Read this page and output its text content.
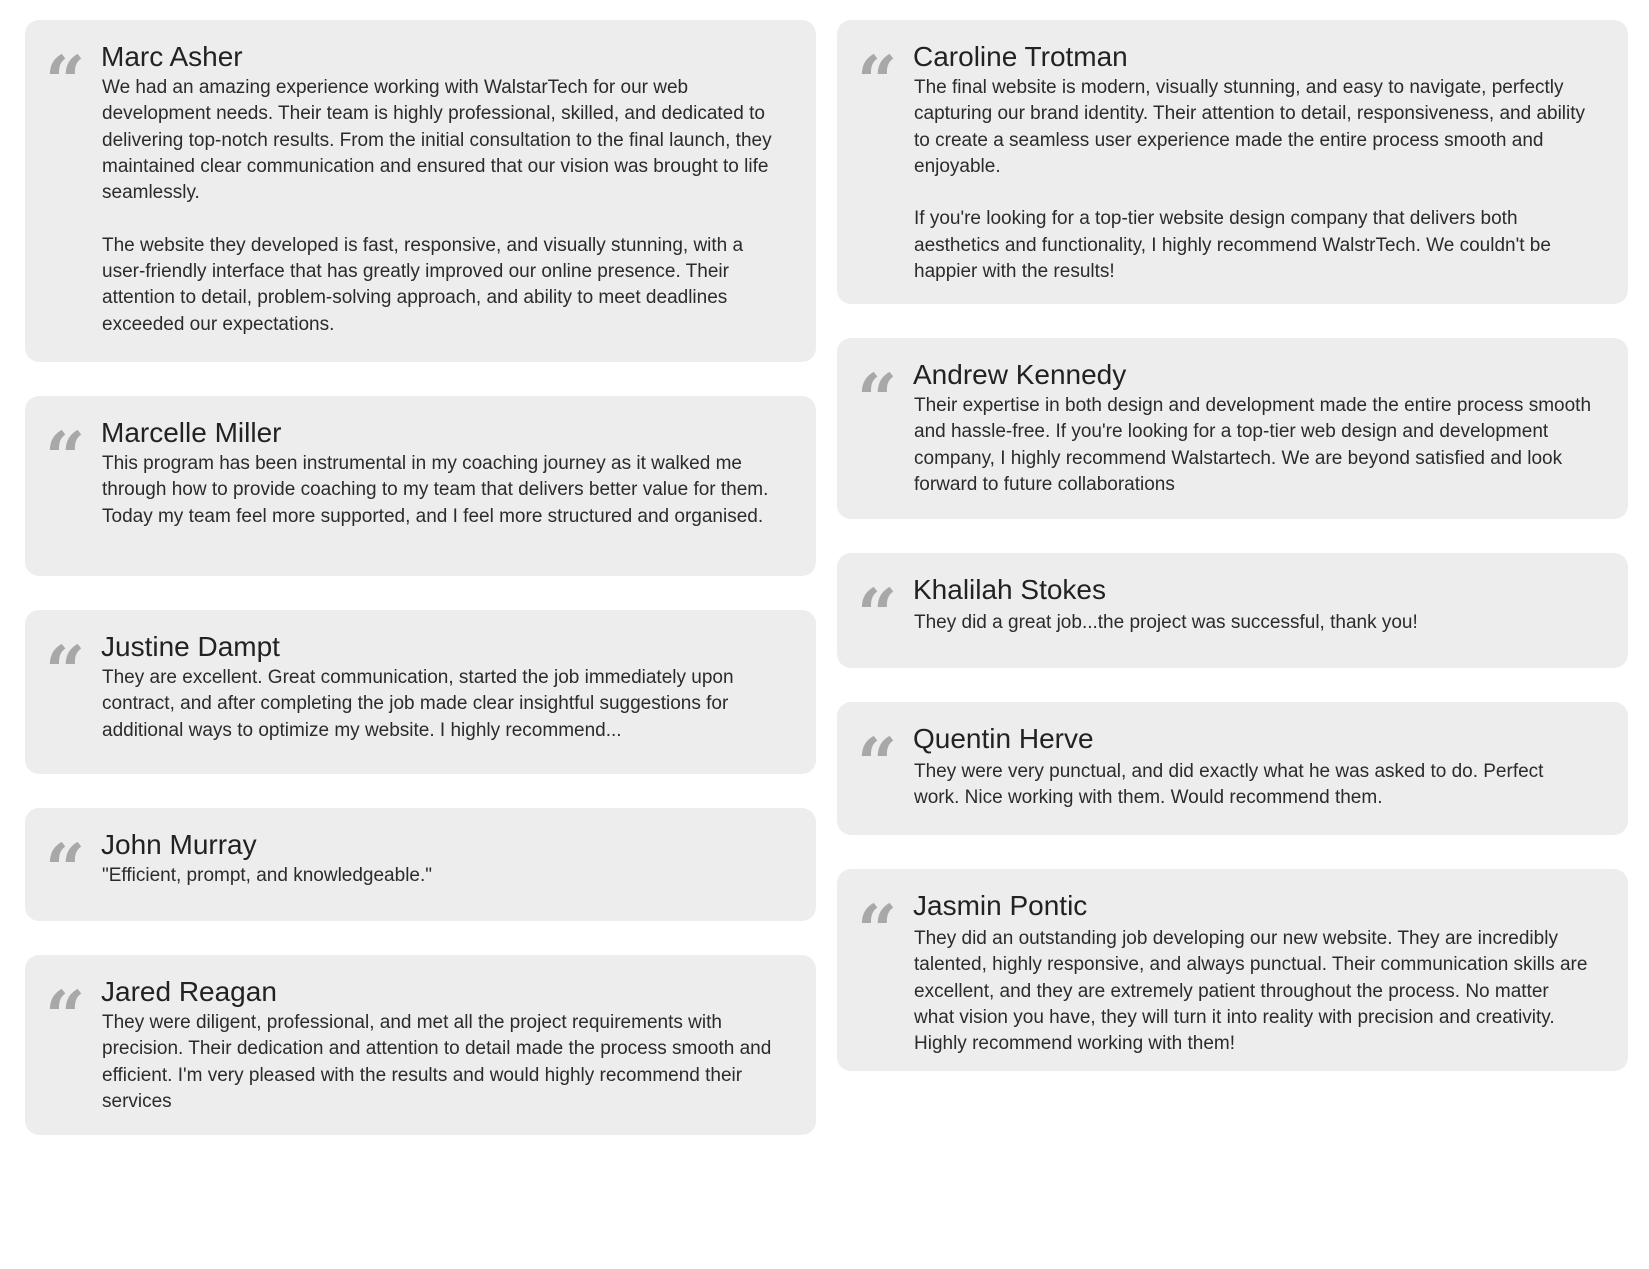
“ Marc Asher

We had an amazing experience working with WalstarTech for our web development needs. Their team is highly professional, skilled, and dedicated to delivering top-notch results. From the initial consultation to the final launch, they maintained clear communication and ensured that our vision was brought to life seamlessly.

The website they developed is fast, responsive, and visually stunning, with a user-friendly interface that has greatly improved our online presence. Their attention to detail, problem-solving approach, and ability to meet deadlines exceeded our expectations.

“ Marcelle Miller

This program has been instrumental in my coaching journey as it walked me through how to provide coaching to my team that delivers better value for them. Today my team feel more supported, and I feel more structured and organised.

“ Justine Dampt

They are excellent. Great communication, started the job immediately upon contract, and after completing the job made clear insightful suggestions for additional ways to optimize my website. I highly recommend...

“ John Murray

"Efficient, prompt, and knowledgeable."

“ Jared Reagan

They were diligent, professional, and met all the project requirements with precision. Their dedication and attention to detail made the process smooth and efficient. I'm very pleased with the results and would highly recommend their services

“ Caroline Trotman

The final website is modern, visually stunning, and easy to navigate, perfectly capturing our brand identity. Their attention to detail, responsiveness, and ability to create a seamless user experience made the entire process smooth and enjoyable.

If you're looking for a top-tier website design company that delivers both aesthetics and functionality, I highly recommend WalstrTech. We couldn't be happier with the results!

“ Andrew Kennedy

Their expertise in both design and development made the entire process smooth and hassle-free. If you're looking for a top-tier web design and development company, I highly recommend Walstartech. We are beyond satisfied and look forward to future collaborations

“ Khalilah Stokes

They did a great job...the project was successful, thank you!

“ Quentin Herve

They were very punctual, and did exactly what he was asked to do. Perfect work. Nice working with them. Would recommend them.

“ Jasmin Pontic

They did an outstanding job developing our new website. They are incredibly talented, highly responsive, and always punctual. Their communication skills are excellent, and they are extremely patient throughout the process. No matter what vision you have, they will turn it into reality with precision and creativity. Highly recommend working with them!
